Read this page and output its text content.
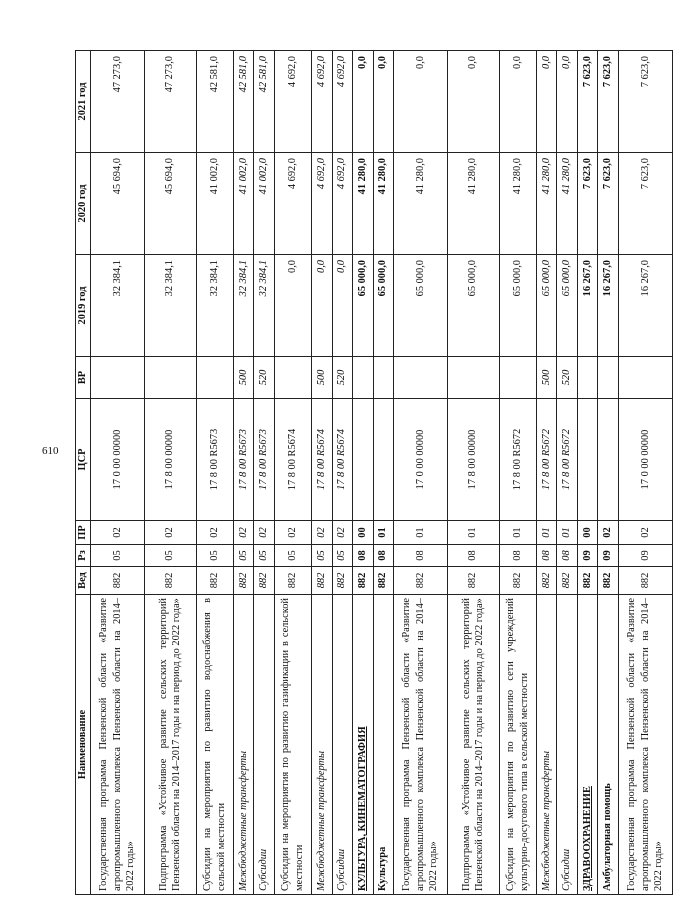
610
Наименование	Вед	Рз	ПР	ЦСР	ВР	2019 год	2020 год	2021 год
Государственная программа Пензенской области «Развитие агропромышленного комплекса Пензенской области на 2014–2022 годы»	882	05	02	17 0 00 00000		32 384,1	45 694,0	47 273,0
Подпрограмма «Устойчивое развитие сельских территорий Пензенской области на 2014–2017 годы и на период до 2022 года»	882	05	02	17 8 00 00000		32 384,1	45 694,0	47 273,0
Субсидии на мероприятия по развитию водоснабжения в сельской местности	882	05	02	17 8 00 R5673		32 384,1	41 002,0	42 581,0
Межбюджетные трансферты	882	05	02	17 8 00 R5673	500	32 384,1	41 002,0	42 581,0
Субсидии	882	05	02	17 8 00 R5673	520	32 384,1	41 002,0	42 581,0
Субсидии на мероприятия по развитию газификации в сельской местности	882	05	02	17 8 00 R5674		0,0	4 692,0	4 692,0
Межбюджетные трансферты	882	05	02	17 8 00 R5674	500	0,0	4 692,0	4 692,0
Субсидии	882	05	02	17 8 00 R5674	520	0,0	4 692,0	4 692,0
КУЛЬТУРА, КИНЕМАТОГРАФИЯ	882	08	00			65 000,0	41 280,0	0,0
Культура	882	08	01			65 000,0	41 280,0	0,0
Государственная программа Пензенской области «Развитие агропромышленного комплекса Пензенской области на 2014–2022 годы»	882	08	01	17 0 00 00000		65 000,0	41 280,0	0,0
Подпрограмма «Устойчивое развитие сельских территорий Пензенской области на 2014–2017 годы и на период до 2022 года»	882	08	01	17 8 00 00000		65 000,0	41 280,0	0,0
Субсидии на мероприятия по развитию сети учреждений культурно-досугового типа в сельской местности	882	08	01	17 8 00 R5672		65 000,0	41 280,0	0,0
Межбюджетные трансферты	882	08	01	17 8 00 R5672	500	65 000,0	41 280,0	0,0
Субсидии	882	08	01	17 8 00 R5672	520	65 000,0	41 280,0	0,0
ЗДРАВООХРАНЕНИЕ	882	09	00			16 267,0	7 623,0	7 623,0
Амбулаторная помощь	882	09	02			16 267,0	7 623,0	7 623,0
Государственная программа Пензенской области «Развитие агропромышленного комплекса Пензенской области на 2014–2022 годы»	882	09	02	17 0 00 00000		16 267,0	7 623,0	7 623,0
